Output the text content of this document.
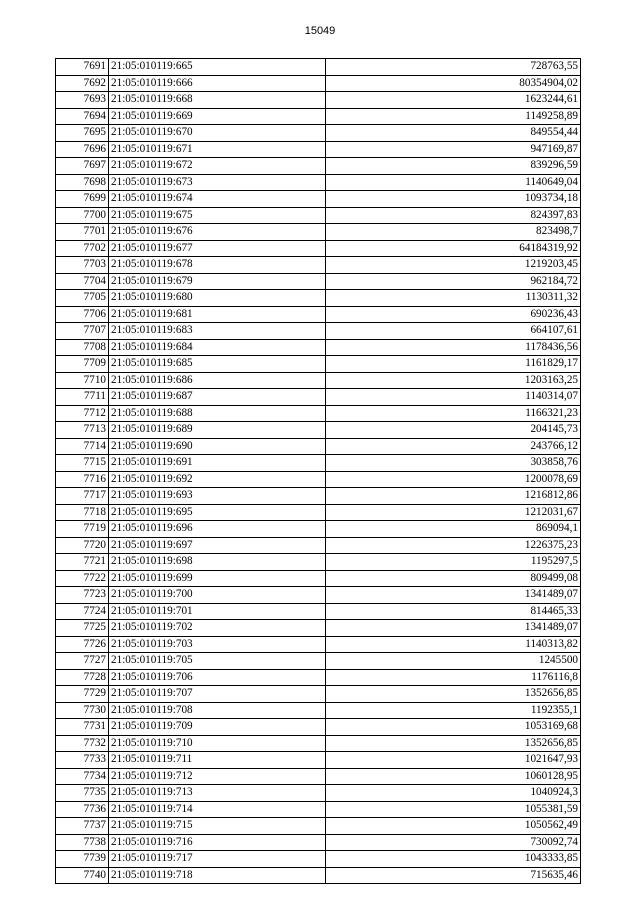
15049
7691	21:05:010119:665	728763,55
7692	21:05:010119:666	80354904,02
7693	21:05:010119:668	1623244,61
7694	21:05:010119:669	1149258,89
7695	21:05:010119:670	849554,44
7696	21:05:010119:671	947169,87
7697	21:05:010119:672	839296,59
7698	21:05:010119:673	1140649,04
7699	21:05:010119:674	1093734,18
7700	21:05:010119:675	824397,83
7701	21:05:010119:676	823498,7
7702	21:05:010119:677	64184319,92
7703	21:05:010119:678	1219203,45
7704	21:05:010119:679	962184,72
7705	21:05:010119:680	1130311,32
7706	21:05:010119:681	690236,43
7707	21:05:010119:683	664107,61
7708	21:05:010119:684	1178436,56
7709	21:05:010119:685	1161829,17
7710	21:05:010119:686	1203163,25
7711	21:05:010119:687	1140314,07
7712	21:05:010119:688	1166321,23
7713	21:05:010119:689	204145,73
7714	21:05:010119:690	243766,12
7715	21:05:010119:691	303858,76
7716	21:05:010119:692	1200078,69
7717	21:05:010119:693	1216812,86
7718	21:05:010119:695	1212031,67
7719	21:05:010119:696	869094,1
7720	21:05:010119:697	1226375,23
7721	21:05:010119:698	1195297,5
7722	21:05:010119:699	809499,08
7723	21:05:010119:700	1341489,07
7724	21:05:010119:701	814465,33
7725	21:05:010119:702	1341489,07
7726	21:05:010119:703	1140313,82
7727	21:05:010119:705	1245500
7728	21:05:010119:706	1176116,8
7729	21:05:010119:707	1352656,85
7730	21:05:010119:708	1192355,1
7731	21:05:010119:709	1053169,68
7732	21:05:010119:710	1352656,85
7733	21:05:010119:711	1021647,93
7734	21:05:010119:712	1060128,95
7735	21:05:010119:713	1040924,3
7736	21:05:010119:714	1055381,59
7737	21:05:010119:715	1050562,49
7738	21:05:010119:716	730092,74
7739	21:05:010119:717	1043333,85
7740	21:05:010119:718	715635,46
